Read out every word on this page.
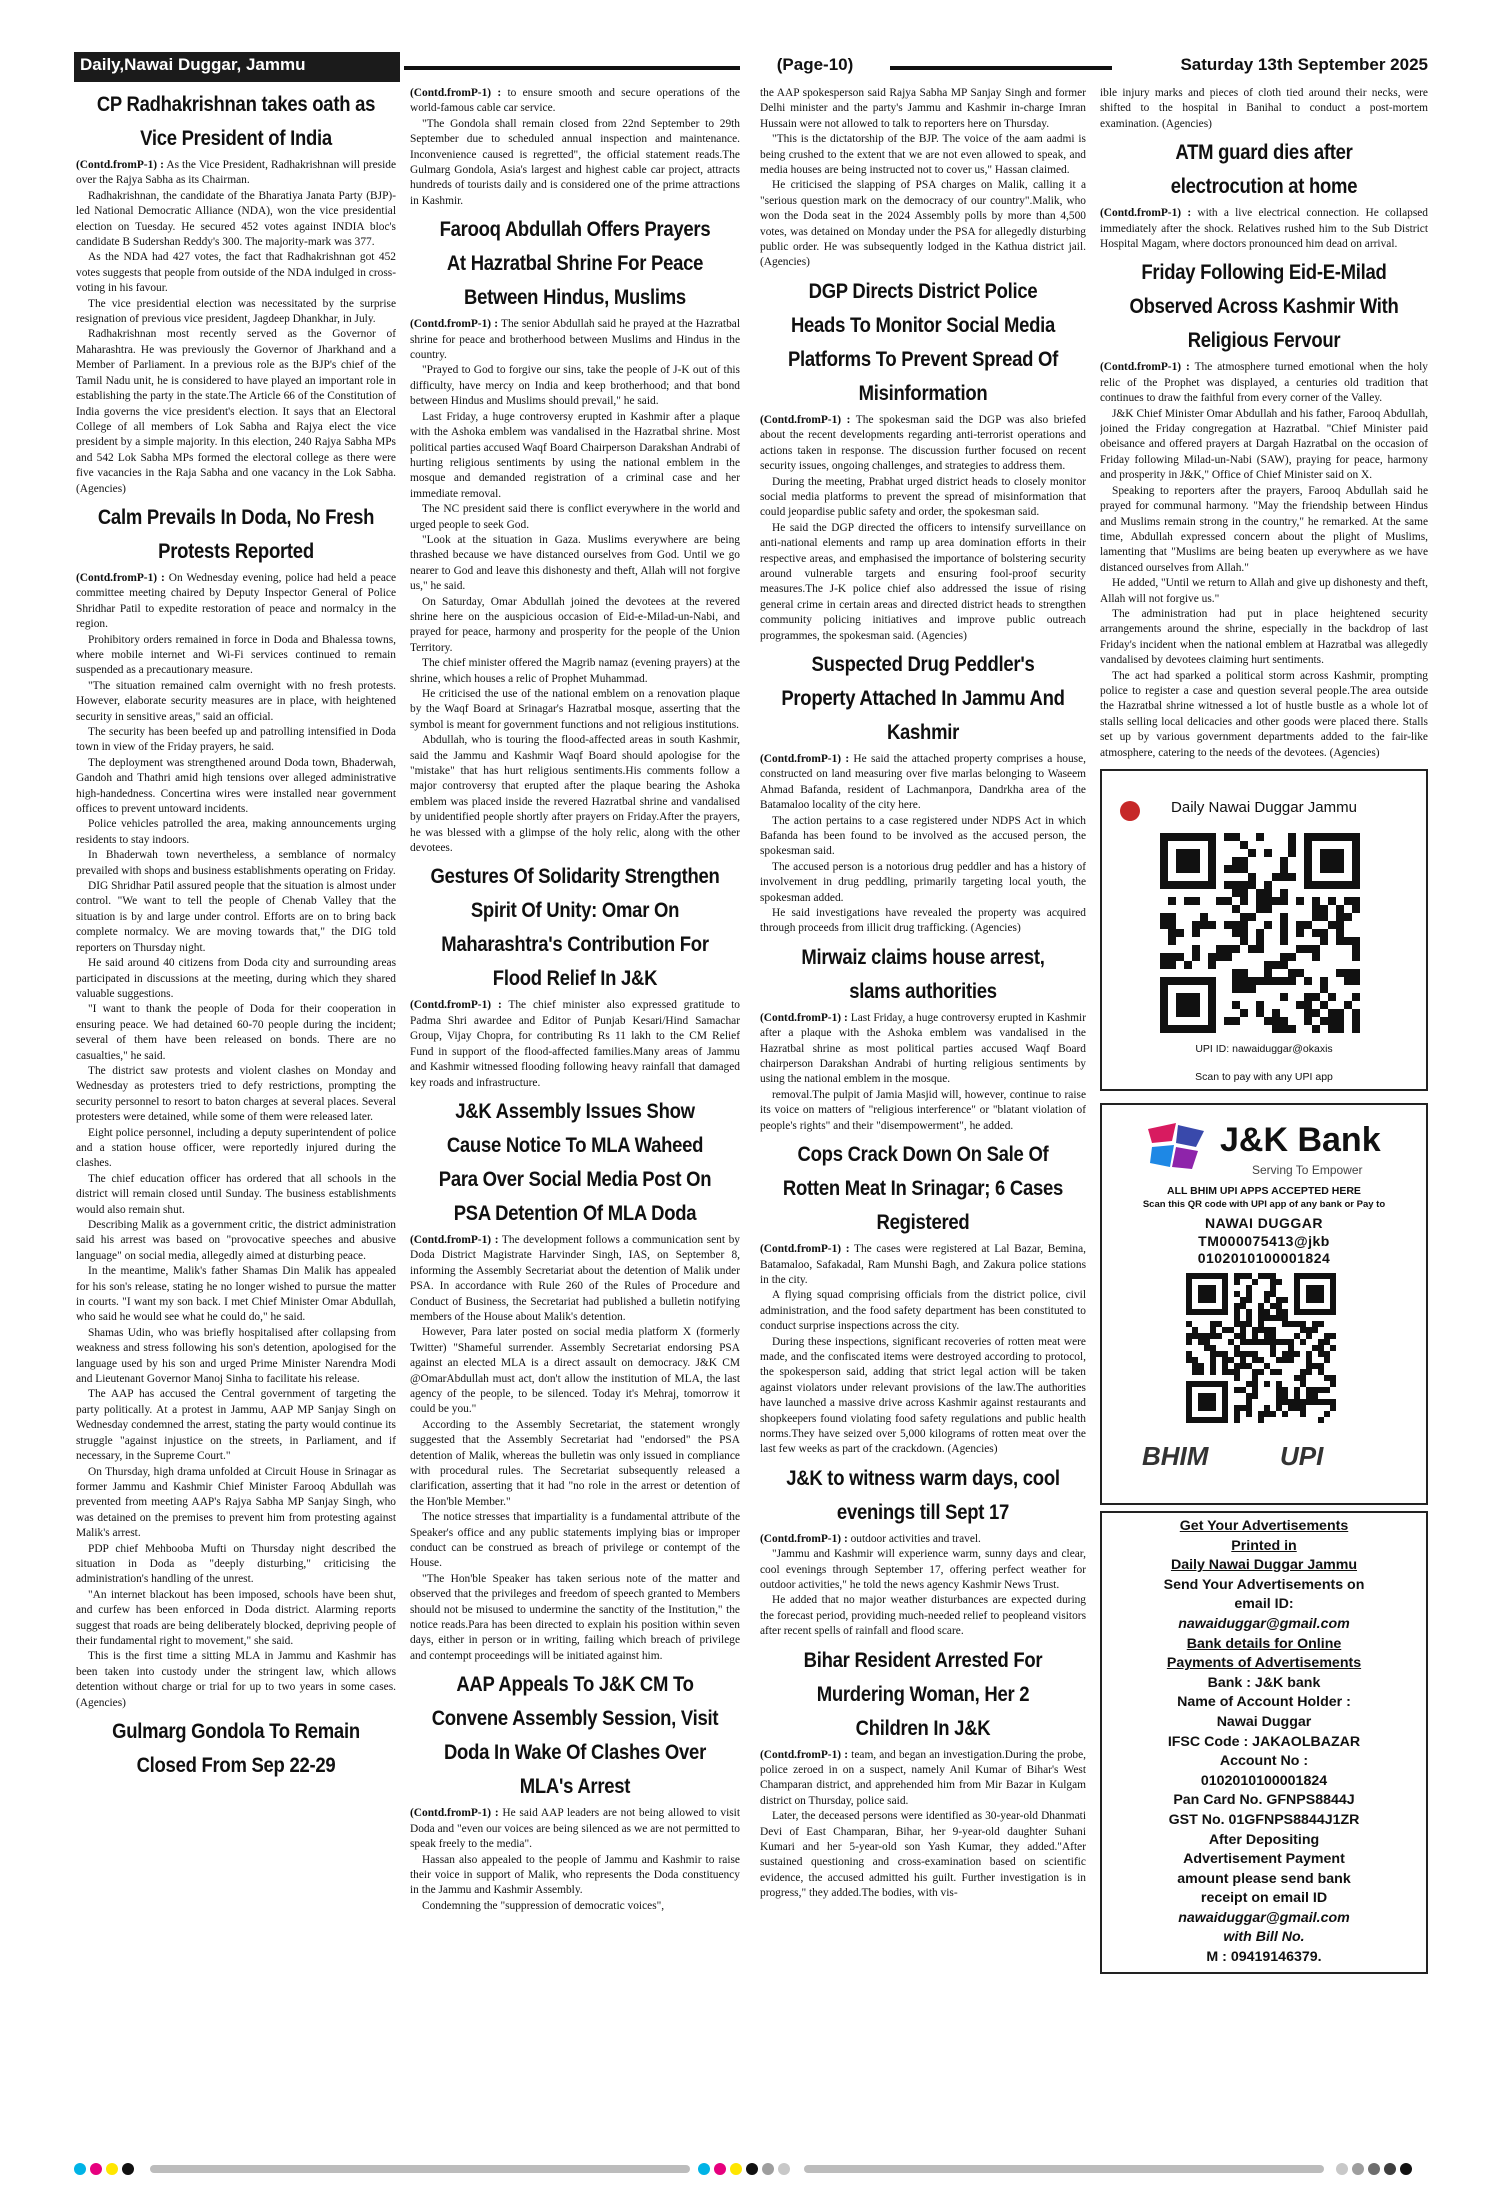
Daily,Nawai Duggar, Jammu	(Page-10)	Saturday 13th September 2025
CP Radhakrishnan takes oath as Vice President of India

(Contd.fromP-1) : As the Vice President, Radhakrishnan will preside over the Rajya Sabha as its Chairman.

Radhakrishnan, the candidate of the Bharatiya Janata Party (BJP)-led National Democratic Alliance (NDA), won the vice presidential election on Tuesday. He secured 452 votes against INDIA bloc's candidate B Sudershan Reddy's 300. The majority-mark was 377.

As the NDA had 427 votes, the fact that Radhakrishnan got 452 votes suggests that people from outside of the NDA indulged in cross-voting in his favour.

The vice presidential election was necessitated by the surprise resignation of previous vice president, Jagdeep Dhankhar, in July.

Radhakrishnan most recently served as the Governor of Maharashtra. He was previously the Governor of Jharkhand and a Member of Parliament. In a previous role as the BJP's chief of the Tamil Nadu unit, he is considered to have played an important role in establishing the party in the state.The Article 66 of the Constitution of India governs the vice president's election. It says that an Electoral College of all members of Lok Sabha and Rajya elect the vice president by a simple majority. In this election, 240 Rajya Sabha MPs and 542 Lok Sabha MPs formed the electoral college as there were five vacancies in the Raja Sabha and one vacancy in the Lok Sabha. (Agencies)

Calm Prevails In Doda, No Fresh Protests Reported

(Contd.fromP-1) : On Wednesday evening, police had held a peace committee meeting chaired by Deputy Inspector General of Police Shridhar Patil to expedite restoration of peace and normalcy in the region.

Prohibitory orders remained in force in Doda and Bhalessa towns, where mobile internet and Wi-Fi services continued to remain suspended as a precautionary measure.

"The situation remained calm overnight with no fresh protests. However, elaborate security measures are in place, with heightened security in sensitive areas," said an official.

The security has been beefed up and patrolling intensified in Doda town in view of the Friday prayers, he said.

The deployment was strengthened around Doda town, Bhaderwah, Gandoh and Thathri amid high tensions over alleged administrative high-handedness. Concertina wires were installed near government offices to prevent untoward incidents.

Police vehicles patrolled the area, making announcements urging residents to stay indoors.

In Bhaderwah town nevertheless, a semblance of normalcy prevailed with shops and business establishments operating on Friday.

DIG Shridhar Patil assured people that the situation is almost under control. "We want to tell the people of Chenab Valley that the situation is by and large under control. Efforts are on to bring back complete normalcy. We are moving towards that," the DIG told reporters on Thursday night.

He said around 40 citizens from Doda city and surrounding areas participated in discussions at the meeting, during which they shared valuable suggestions.

"I want to thank the people of Doda for their cooperation in ensuring peace. We had detained 60-70 people during the incident; several of them have been released on bonds. There are no casualties," he said.

The district saw protests and violent clashes on Monday and Wednesday as protesters tried to defy restrictions, prompting the security personnel to resort to baton charges at several places. Several protesters were detained, while some of them were released later.

Eight police personnel, including a deputy superintendent of police and a station house officer, were reportedly injured during the clashes.

The chief education officer has ordered that all schools in the district will remain closed until Sunday. The business establishments would also remain shut.

Describing Malik as a government critic, the district administration said his arrest was based on "provocative speeches and abusive language" on social media, allegedly aimed at disturbing peace.

In the meantime, Malik's father Shamas Din Malik has appealed for his son's release, stating he no longer wished to pursue the matter in courts. "I want my son back. I met Chief Minister Omar Abdullah, who said he would see what he could do," he said.

Shamas Udin, who was briefly hospitalised after collapsing from weakness and stress following his son's detention, apologised for the language used by his son and urged Prime Minister Narendra Modi and Lieutenant Governor Manoj Sinha to facilitate his release.

The AAP has accused the Central government of targeting the party politically. At a protest in Jammu, AAP MP Sanjay Singh on Wednesday condemned the arrest, stating the party would continue its struggle "against injustice on the streets, in Parliament, and if necessary, in the Supreme Court."

On Thursday, high drama unfolded at Circuit House in Srinagar as former Jammu and Kashmir Chief Minister Farooq Abdullah was prevented from meeting AAP's Rajya Sabha MP Sanjay Singh, who was detained on the premises to prevent him from protesting against Malik's arrest.

PDP chief Mehbooba Mufti on Thursday night described the situation in Doda as "deeply disturbing," criticising the administration's handling of the unrest.

"An internet blackout has been imposed, schools have been shut, and curfew has been enforced in Doda district. Alarming reports suggest that roads are being deliberately blocked, depriving people of their fundamental right to movement," she said.

This is the first time a sitting MLA in Jammu and Kashmir has been taken into custody under the stringent law, which allows detention without charge or trial for up to two years in some cases. (Agencies)

Gulmarg Gondola To Remain Closed From Sep 22-29

(Contd.fromP-1) : to ensure smooth and secure operations of the world-famous cable car service.

"The Gondola shall remain closed from 22nd September to 29th September due to scheduled annual inspection and maintenance. Inconvenience caused is regretted", the official statement reads.The Gulmarg Gondola, Asia's largest and highest cable car project, attracts hundreds of tourists daily and is considered one of the prime attractions in Kashmir.

Farooq Abdullah Offers Prayers At Hazratbal Shrine For Peace Between Hindus, Muslims

(Contd.fromP-1) : The senior Abdullah said he prayed at the Hazratbal shrine for peace and brotherhood between Muslims and Hindus in the country.

"Prayed to God to forgive our sins, take the people of J-K out of this difficulty, have mercy on India and keep brotherhood; and that bond between Hindus and Muslims should prevail," he said.

Last Friday, a huge controversy erupted in Kashmir after a plaque with the Ashoka emblem was vandalised in the Hazratbal shrine. Most political parties accused Waqf Board Chairperson Darakshan Andrabi of hurting religious sentiments by using the national emblem in the mosque and demanded registration of a criminal case and her immediate removal.

The NC president said there is conflict everywhere in the world and urged people to seek God.

"Look at the situation in Gaza. Muslims everywhere are being thrashed because we have distanced ourselves from God. Until we go nearer to God and leave this dishonesty and theft, Allah will not forgive us," he said.

On Saturday, Omar Abdullah joined the devotees at the revered shrine here on the auspicious occasion of Eid-e-Milad-un-Nabi, and prayed for peace, harmony and prosperity for the people of the Union Territory.

The chief minister offered the Magrib namaz (evening prayers) at the shrine, which houses a relic of Prophet Muhammad.

He criticised the use of the national emblem on a renovation plaque by the Waqf Board at Srinagar's Hazratbal mosque, asserting that the symbol is meant for government functions and not religious institutions.

Abdullah, who is touring the flood-affected areas in south Kashmir, said the Jammu and Kashmir Waqf Board should apologise for the "mistake" that has hurt religious sentiments.His comments follow a major controversy that erupted after the plaque bearing the Ashoka emblem was placed inside the revered Hazratbal shrine and vandalised by unidentified people shortly after prayers on Friday.After the prayers, he was blessed with a glimpse of the holy relic, along with the other devotees.

Gestures Of Solidarity Strengthen Spirit Of Unity: Omar On Maharashtra's Contribution For Flood Relief In J&K

(Contd.fromP-1) : The chief minister also expressed gratitude to Padma Shri awardee and Editor of Punjab Kesari/Hind Samachar Group, Vijay Chopra, for contributing Rs 11 lakh to the CM Relief Fund in support of the flood-affected families.Many areas of Jammu and Kashmir witnessed flooding following heavy rainfall that damaged key roads and infrastructure.

J&K Assembly Issues Show Cause Notice To MLA Waheed Para Over Social Media Post On PSA Detention Of MLA Doda

(Contd.fromP-1) : The development follows a communication sent by Doda District Magistrate Harvinder Singh, IAS, on September 8, informing the Assembly Secretariat about the detention of Malik under PSA. In accordance with Rule 260 of the Rules of Procedure and Conduct of Business, the Secretariat had published a bulletin notifying members of the House about Malik's detention.

However, Para later posted on social media platform X (formerly Twitter) "Shameful surrender. Assembly Secretariat endorsing PSA against an elected MLA is a direct assault on democracy. J&K CM @OmarAbdullah must act, don't allow the institution of MLA, the last agency of the people, to be silenced. Today it's Mehraj, tomorrow it could be you."

According to the Assembly Secretariat, the statement wrongly suggested that the Assembly Secretariat had "endorsed" the PSA detention of Malik, whereas the bulletin was only issued in compliance with procedural rules. The Secretariat subsequently released a clarification, asserting that it had "no role in the arrest or detention of the Hon'ble Member."

The notice stresses that impartiality is a fundamental attribute of the Speaker's office and any public statements implying bias or improper conduct can be construed as breach of privilege or contempt of the House.

"The Hon'ble Speaker has taken serious note of the matter and observed that the privileges and freedom of speech granted to Members should not be misused to undermine the sanctity of the Institution," the notice reads.Para has been directed to explain his position within seven days, either in person or in writing, failing which breach of privilege and contempt proceedings will be initiated against him.

AAP Appeals To J&K CM To Convene Assembly Session, Visit Doda In Wake Of Clashes Over MLA's Arrest

(Contd.fromP-1) : He said AAP leaders are not being allowed to visit Doda and "even our voices are being silenced as we are not permitted to speak freely to the media".

Hassan also appealed to the people of Jammu and Kashmir to raise their voice in support of Malik, who represents the Doda constituency in the Jammu and Kashmir Assembly.

Condemning the "suppression of democratic voices",

the AAP spokesperson said Rajya Sabha MP Sanjay Singh and former Delhi minister and the party's Jammu and Kashmir in-charge Imran Hussain were not allowed to talk to reporters here on Thursday.

"This is the dictatorship of the BJP. The voice of the aam aadmi is being crushed to the extent that we are not even allowed to speak, and media houses are being instructed not to cover us," Hassan claimed.

He criticised the slapping of PSA charges on Malik, calling it a "serious question mark on the democracy of our country".Malik, who won the Doda seat in the 2024 Assembly polls by more than 4,500 votes, was detained on Monday under the PSA for allegedly disturbing public order. He was subsequently lodged in the Kathua district jail. (Agencies)

DGP Directs District Police Heads To Monitor Social Media Platforms To Prevent Spread Of Misinformation

(Contd.fromP-1) : The spokesman said the DGP was also briefed about the recent developments regarding anti-terrorist operations and actions taken in response. The discussion further focused on recent security issues, ongoing challenges, and strategies to address them.

During the meeting, Prabhat urged district heads to closely monitor social media platforms to prevent the spread of misinformation that could jeopardise public safety and order, the spokesman said.

He said the DGP directed the officers to intensify surveillance on anti-national elements and ramp up area domination efforts in their respective areas, and emphasised the importance of bolstering security around vulnerable targets and ensuring fool-proof security measures.The J-K police chief also addressed the issue of rising general crime in certain areas and directed district heads to strengthen community policing initiatives and improve public outreach programmes, the spokesman said. (Agencies)

Suspected Drug Peddler's Property Attached In Jammu And Kashmir

(Contd.fromP-1) : He said the attached property comprises a house, constructed on land measuring over five marlas belonging to Waseem Ahmad Bafanda, resident of Lachmanpora, Dandrkha area of the Batamaloo locality of the city here.

The action pertains to a case registered under NDPS Act in which Bafanda has been found to be involved as the accused person, the spokesman said.

The accused person is a notorious drug peddler and has a history of involvement in drug peddling, primarily targeting local youth, the spokesman added.

He said investigations have revealed the property was acquired through proceeds from illicit drug trafficking. (Agencies)

Mirwaiz claims house arrest, slams authorities

(Contd.fromP-1) : Last Friday, a huge controversy erupted in Kashmir after a plaque with the Ashoka emblem was vandalised in the Hazratbal shrine as most political parties accused Waqf Board chairperson Darakshan Andrabi of hurting religious sentiments by using the national emblem in the mosque.

removal.The pulpit of Jamia Masjid will, however, continue to raise its voice on matters of "religious interference" or "blatant violation of people's rights" and their "disempowerment", he added.

Cops Crack Down On Sale Of Rotten Meat In Srinagar; 6 Cases Registered

(Contd.fromP-1) : The cases were registered at Lal Bazar, Bemina, Batamaloo, Safakadal, Ram Munshi Bagh, and Zakura police stations in the city.

A flying squad comprising officials from the district police, civil administration, and the food safety department has been constituted to conduct surprise inspections across the city.

During these inspections, significant recoveries of rotten meat were made, and the confiscated items were destroyed according to protocol, the spokesperson said, adding that strict legal action will be taken against violators under relevant provisions of the law.The authorities have launched a massive drive across Kashmir against restaurants and shopkeepers found violating food safety regulations and public health norms.They have seized over 5,000 kilograms of rotten meat over the last few weeks as part of the crackdown. (Agencies)

J&K to witness warm days, cool evenings till Sept 17

(Contd.fromP-1) : outdoor activities and travel.

"Jammu and Kashmir will experience warm, sunny days and clear, cool evenings through September 17, offering perfect weather for outdoor activities," he told the news agency Kashmir News Trust.

He added that no major weather disturbances are expected during the forecast period, providing much-needed relief to peopleand visitors after recent spells of rainfall and flood scare.

Bihar Resident Arrested For Murdering Woman, Her 2 Children In J&K

(Contd.fromP-1) : team, and began an investigation.During the probe, police zeroed in on a suspect, namely Anil Kumar of Bihar's West Champaran district, and apprehended him from Mir Bazar in Kulgam district on Thursday, police said.

Later, the deceased persons were identified as 30-year-old Dhanmati Devi of East Champaran, Bihar, her 9-year-old daughter Suhani Kumari and her 5-year-old son Yash Kumar, they added."After sustained questioning and cross-examination based on scientific evidence, the accused admitted his guilt. Further investigation is in progress," they added.The bodies, with vis-

ible injury marks and pieces of cloth tied around their necks, were shifted to the hospital in Banihal to conduct a post-mortem examination. (Agencies)

ATM guard dies after electrocution at home

(Contd.fromP-1) : with a live electrical connection. He collapsed immediately after the shock. Relatives rushed him to the Sub District Hospital Magam, where doctors pronounced him dead on arrival.

Friday Following Eid-E-Milad Observed Across Kashmir With Religious Fervour

(Contd.fromP-1) : The atmosphere turned emotional when the holy relic of the Prophet was displayed, a centuries old tradition that continues to draw the faithful from every corner of the Valley.

J&K Chief Minister Omar Abdullah and his father, Farooq Abdullah, joined the Friday congregation at Hazratbal. "Chief Minister paid obeisance and offered prayers at Dargah Hazratbal on the occasion of Friday following Milad-un-Nabi (SAW), praying for peace, harmony and prosperity in J&K," Office of Chief Minister said on X.

Speaking to reporters after the prayers, Farooq Abdullah said he prayed for communal harmony. "May the friendship between Hindus and Muslims remain strong in the country," he remarked. At the same time, Abdullah expressed concern about the plight of Muslims, lamenting that "Muslims are being beaten up everywhere as we have distanced ourselves from Allah."

He added, "Until we return to Allah and give up dishonesty and theft, Allah will not forgive us."

The administration had put in place heightened security arrangements around the shrine, especially in the backdrop of last Friday's incident when the national emblem at Hazratbal was allegedly vandalised by devotees claiming hurt sentiments.

The act had sparked a political storm across Kashmir, prompting police to register a case and question several people.The area outside the Hazratbal shrine witnessed a lot of hustle bustle as a whole lot of stalls selling local delicacies and other goods were placed there. Stalls set up by various government departments added to the fair-like atmosphere, catering to the needs of the devotees. (Agencies)

Daily Nawai Duggar Jammu
UPI ID: nawaiduggar@okaxis
Scan to pay with any UPI app
J&K Bank
Serving To Empower
ALL BHIM UPI APPS ACCEPTED HERE
Scan this QR code with UPI app of any bank or Pay to
NAWAI DUGGAR
TM000075413@jkb
0102010100001824
BHIM	UPI
Get Your Advertisements
Printed in
Daily Nawai Duggar Jammu
Send Your Advertisements on
email ID:
nawaiduggar@gmail.com
Bank details for Online
Payments of Advertisements
Bank : J&K bank
Name of Account Holder :
Nawai Duggar
IFSC Code : JAKAOLBAZAR
Account No :
0102010100001824
Pan Card No. GFNPS8844J
GST No. 01GFNPS8844J1ZR
After Depositing
Advertisement Payment
amount please send bank
receipt on email ID
nawaiduggar@gmail.com
with Bill No.
M : 09419146379.
